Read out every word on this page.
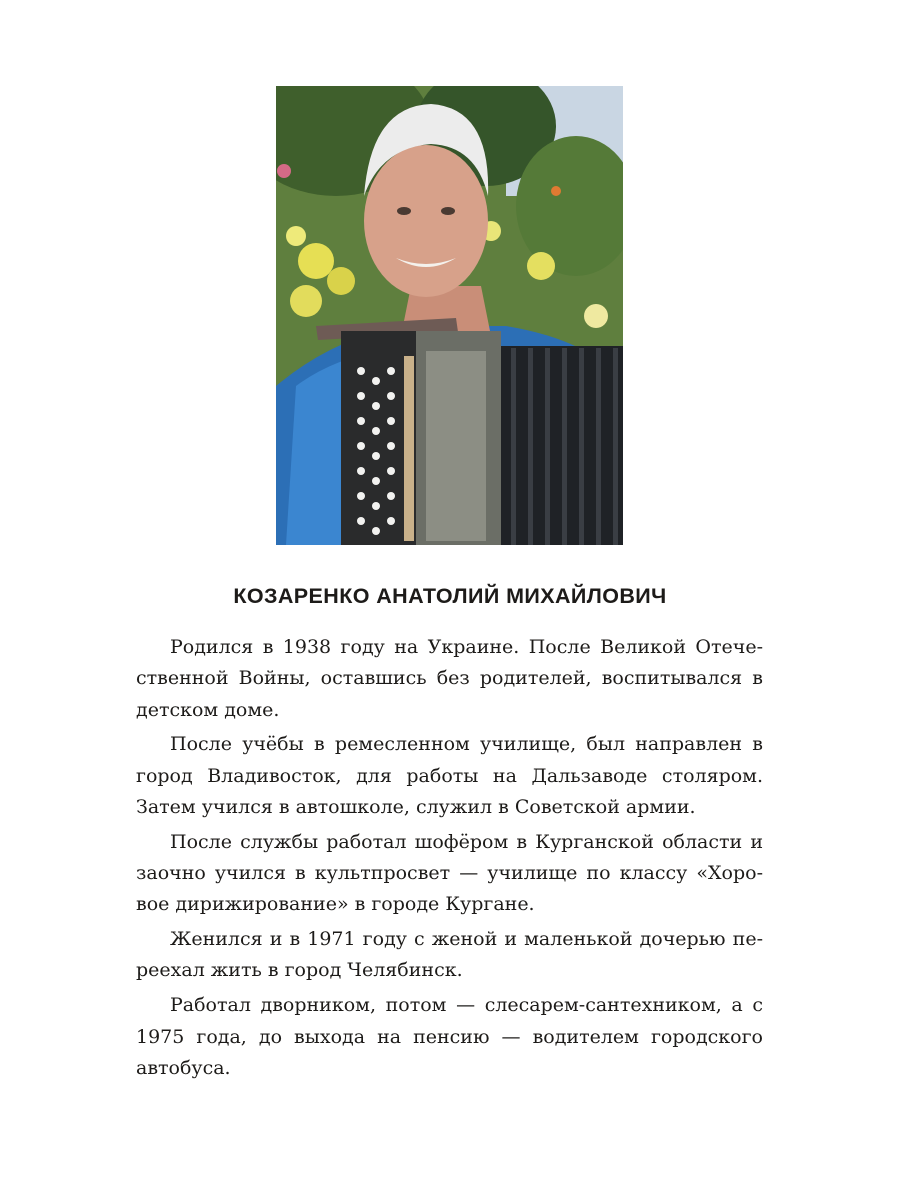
КОЗАРЕНКО АНАТОЛИЙ МИХАЙЛОВИЧ

Родился в 1938 году на Украине. После Великой Отечественной Войны, оставшись без родителей, воспитывался в детском доме.

После учёбы в ремесленном училище, был направлен в город Владивосток, для работы на Дальзаводе столяром. Затем учился в автошколе, служил в Советской армии.

После службы работал шофёром в Курганской области и заочно учился в культпросвет — училище по классу «Хоровое дирижирование» в городе Кургане.

Женился и в 1971 году с женой и маленькой дочерью переехал жить в город Челябинск.

Работал дворником, потом — слесарем-сантехником, а с 1975 года, до выхода на пенсию — водителем городского автобуса.
